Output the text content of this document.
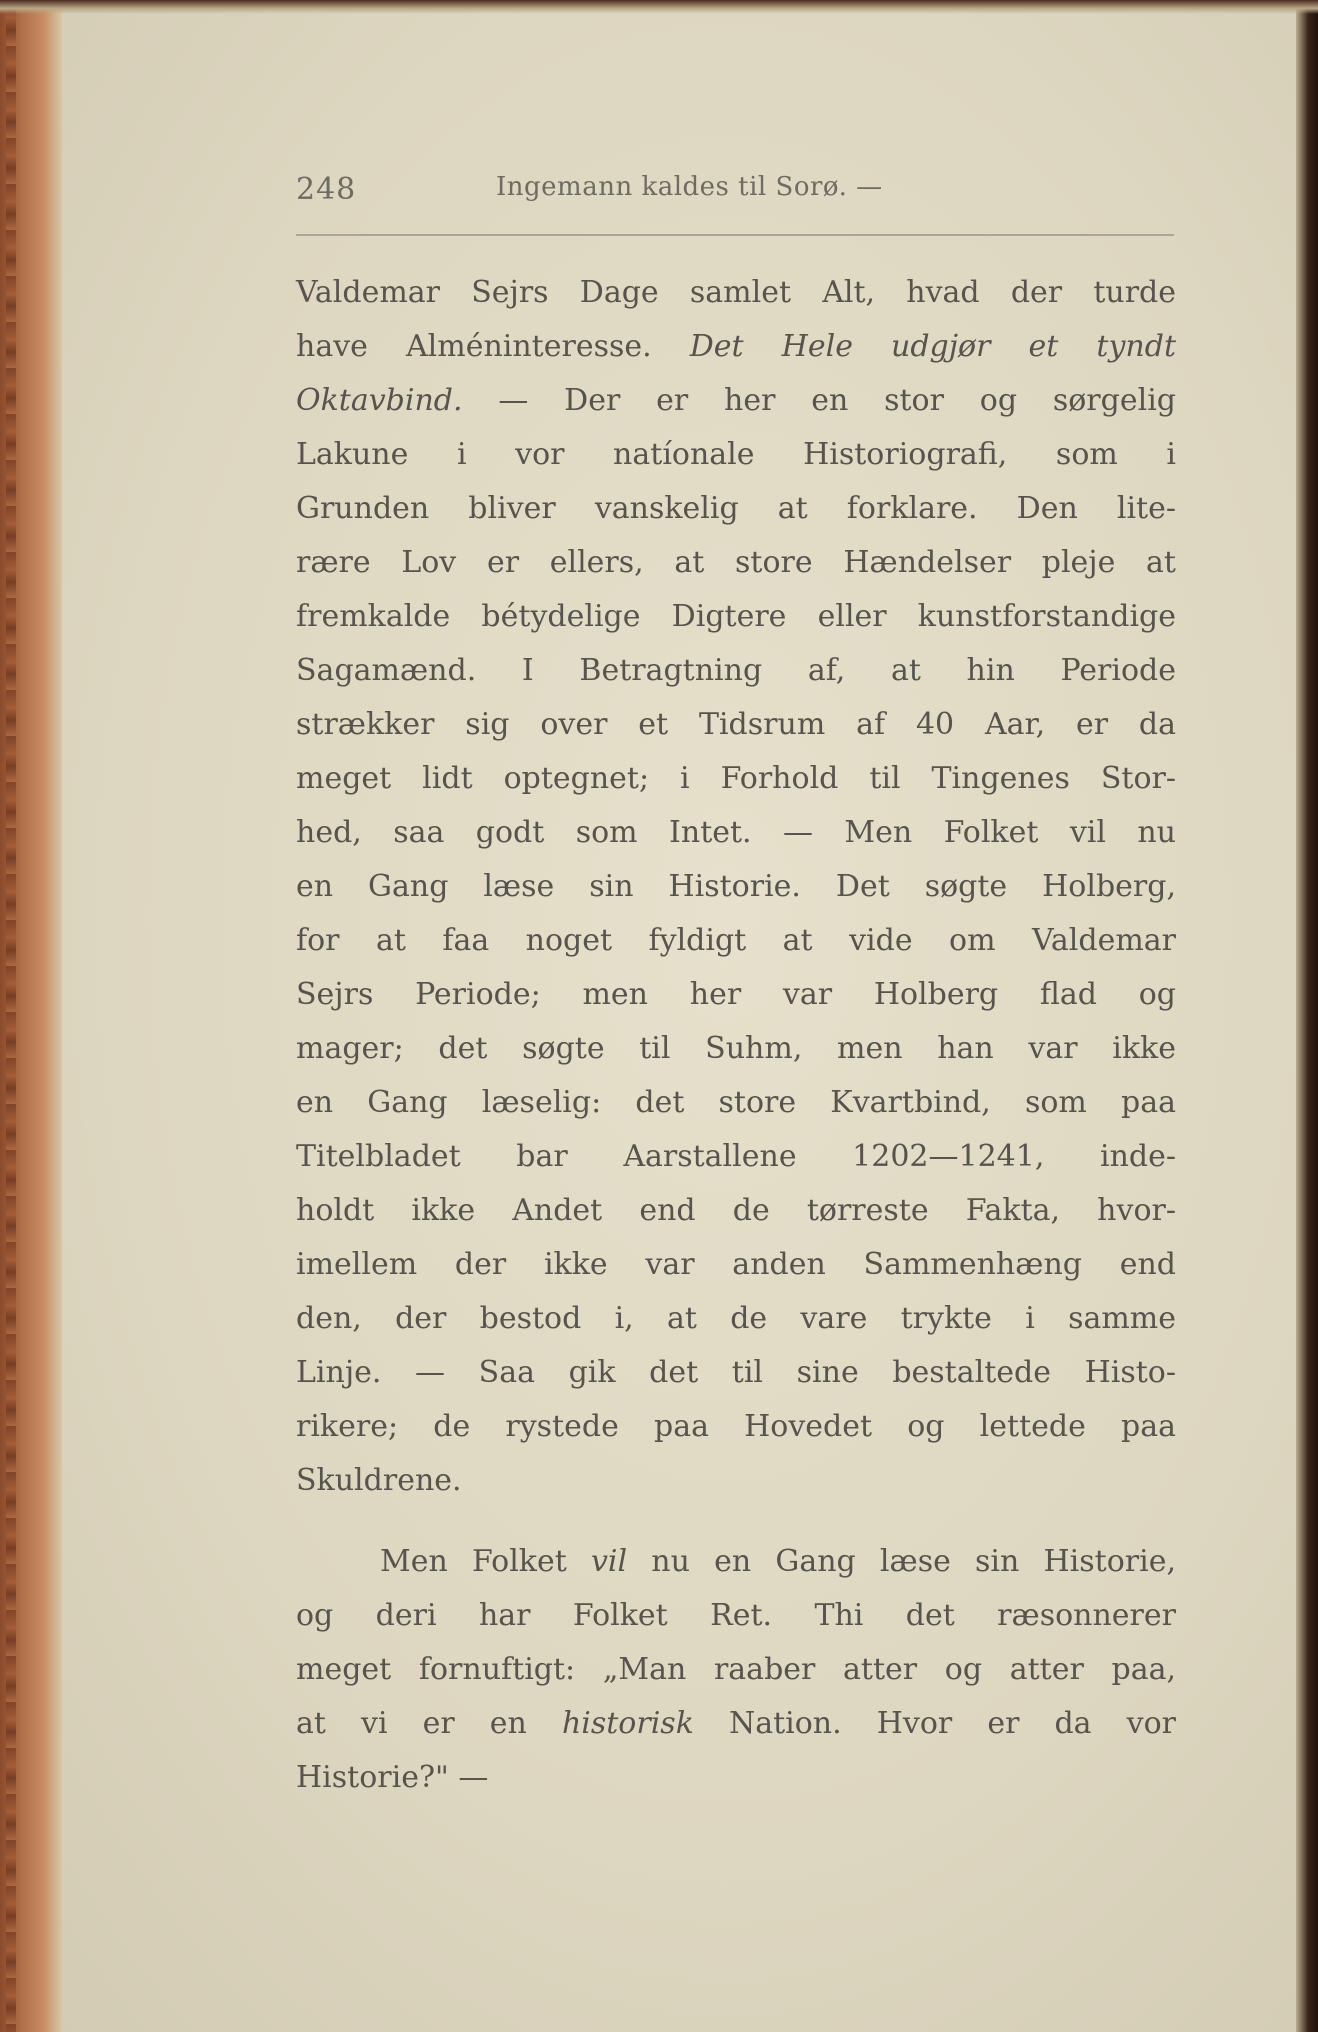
248	Ingemann kaldes til Sorø. —
Valdemar Sejrs Dage samlet Alt, hvad der turde
have Alméninteresse. Det Hele udgjør et tyndt
Oktavbind. — Der er her en stor og sørgelig
Lakune i vor natíonale Historiografi, som i
Grunden bliver vanskelig at forklare. Den lite-
rære Lov er ellers, at store Hændelser pleje at
fremkalde bétydelige Digtere eller kunstforstandige
Sagamænd. I Betragtning af, at hin Periode
strækker sig over et Tidsrum af 40 Aar, er da
meget lidt optegnet; i Forhold til Tingenes Stor-
hed, saa godt som Intet. — Men Folket vil nu
en Gang læse sin Historie. Det søgte Holberg,
for at faa noget fyldigt at vide om Valdemar
Sejrs Periode; men her var Holberg flad og
mager; det søgte til Suhm, men han var ikke
en Gang læselig: det store Kvartbind, som paa
Titelbladet bar Aarstallene 1202—1241, inde-
holdt ikke Andet end de tørreste Fakta, hvor-
imellem der ikke var anden Sammenhæng end
den, der bestod i, at de vare trykte i samme
Linje. — Saa gik det til sine bestaltede Histo-
rikere; de rystede paa Hovedet og lettede paa
Skuldrene.
Men Folket vil nu en Gang læse sin Historie,
og deri har Folket Ret. Thi det ræsonnerer
meget fornuftigt: „Man raaber atter og atter paa,
at vi er en historisk Nation. Hvor er da vor
Historie?" —
